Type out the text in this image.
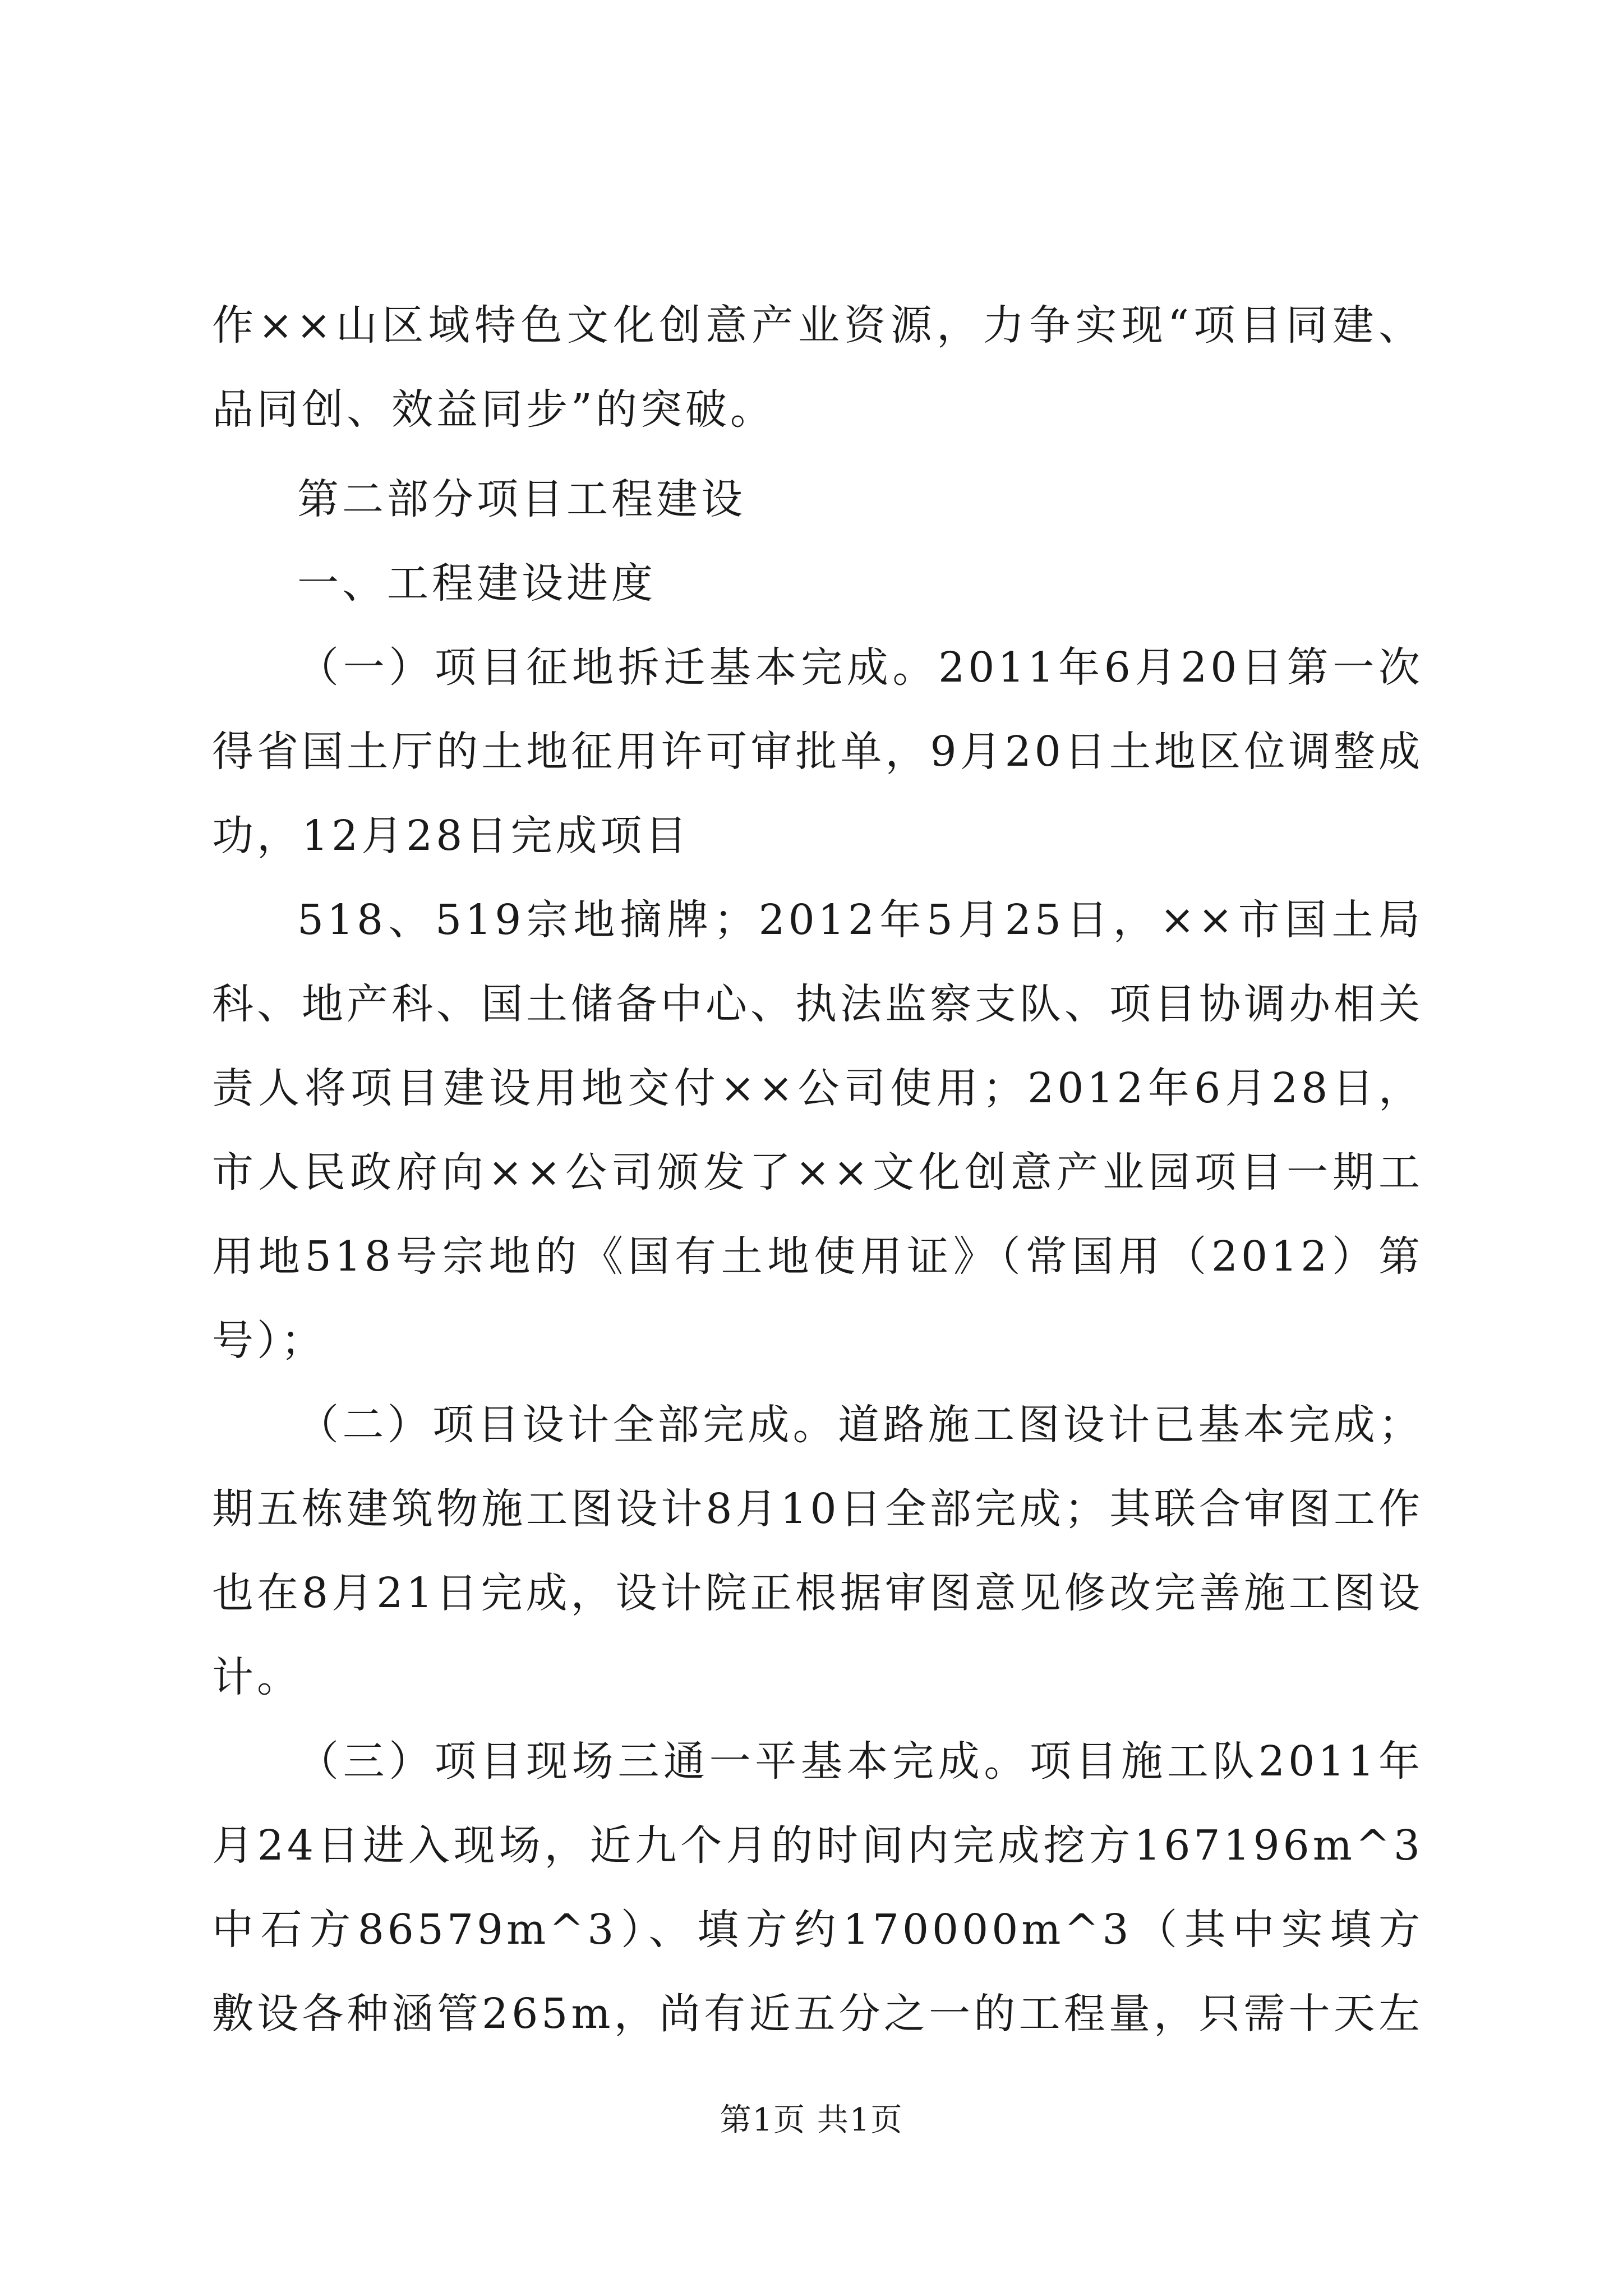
作××山区域特色文化创意产业资源，力争实现“项目同建、
品同创、效益同步”的突破。
第二部分项目工程建设
一、工程建设进度
（一）项目征地拆迁基本完成。2011年6月20日第一次
得省国土厅的土地征用许可审批单，9月20日土地区位调整成
功，12月28日完成项目
518、519宗地摘牌；2012年5月25日，××市国土局
科、地产科、国土储备中心、执法监察支队、项目协调办相关
责人将项目建设用地交付××公司使用；2012年6月28日，
市人民政府向××公司颁发了××文化创意产业园项目一期工
用地518号宗地的《国有土地使用证》（常国用（2012）第
号）；
（二）项目设计全部完成。道路施工图设计已基本完成；
期五栋建筑物施工图设计8月10日全部完成；其联合审图工作
也在8月21日完成，设计院正根据审图意见修改完善施工图设
计。
（三）项目现场三通一平基本完成。项目施工队2011年
月24日进入现场，近九个月的时间内完成挖方167196m^3
中石方86579m^3）、填方约170000m^3（其中实填方
敷设各种涵管265m，尚有近五分之一的工程量，只需十天左
第1页 共1页
